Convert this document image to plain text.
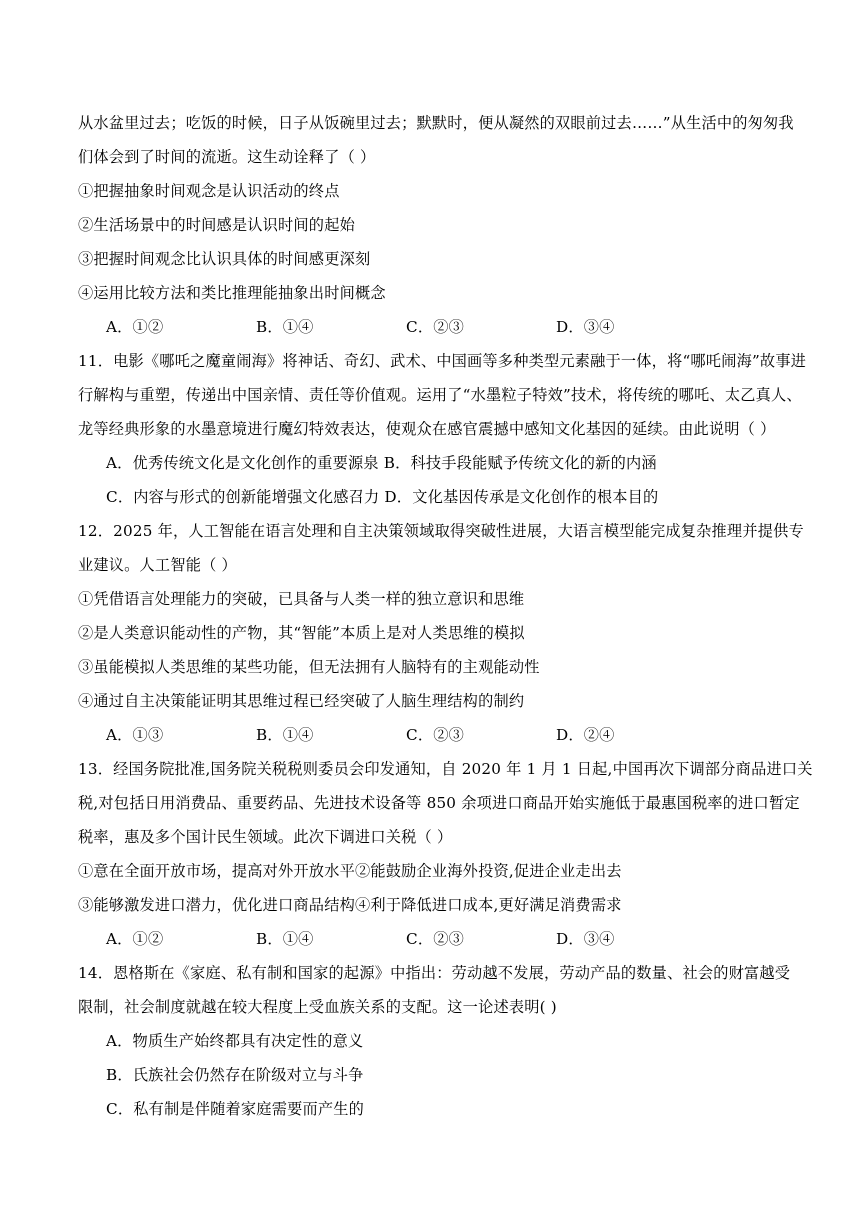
从水盆里过去；吃饭的时候，日子从饭碗里过去；默默时，便从凝然的双眼前过去……”从生活中的匆匆我
们体会到了时间的流逝。这生动诠释了（ ）
①把握抽象时间观念是认识活动的终点
②生活场景中的时间感是认识时间的起始
③把握时间观念比认识具体的时间感更深刻
④运用比较方法和类比推理能抽象出时间概念
A．①②	B．①④	C．②③	D．③④
11．电影《哪吒之魔童闹海》将神话、奇幻、武术、中国画等多种类型元素融于一体，将“哪吒闹海”故事进
行解构与重塑，传递出中国亲情、责任等价值观。运用了“水墨粒子特效”技术，将传统的哪吒、太乙真人、
龙等经典形象的水墨意境进行魔幻特效表达，使观众在感官震撼中感知文化基因的延续。由此说明（ ）
A．优秀传统文化是文化创作的重要源泉 B．科技手段能赋予传统文化的新的内涵
C．内容与形式的创新能增强文化感召力 D．文化基因传承是文化创作的根本目的
12．2025 年，人工智能在语言处理和自主决策领域取得突破性进展，大语言模型能完成复杂推理并提供专
业建议。人工智能（ ）
①凭借语言处理能力的突破，已具备与人类一样的独立意识和思维
②是人类意识能动性的产物，其“智能”本质上是对人类思维的模拟
③虽能模拟人类思维的某些功能，但无法拥有人脑特有的主观能动性
④通过自主决策能证明其思维过程已经突破了人脑生理结构的制约
A．①③	B．①④	C．②③	D．②④
13．经国务院批准,国务院关税税则委员会印发通知，自 2020 年 1 月 1 日起,中国再次下调部分商品进口关
税,对包括日用消费品、重要药品、先进技术设备等 850 余项进口商品开始实施低于最惠国税率的进口暂定
税率，惠及多个国计民生领域。此次下调进口关税（ ）
①意在全面开放市场，提高对外开放水平②能鼓励企业海外投资,促进企业走出去
③能够激发进口潜力，优化进口商品结构④利于降低进口成本,更好满足消费需求
A．①②	B．①④	C．②③	D．③④
14．恩格斯在《家庭、私有制和国家的起源》中指出：劳动越不发展，劳动产品的数量、社会的财富越受
限制，社会制度就越在较大程度上受血族关系的支配。这一论述表明( )
A．物质生产始终都具有决定性的意义
B．氏族社会仍然存在阶级对立与斗争
C．私有制是伴随着家庭需要而产生的
